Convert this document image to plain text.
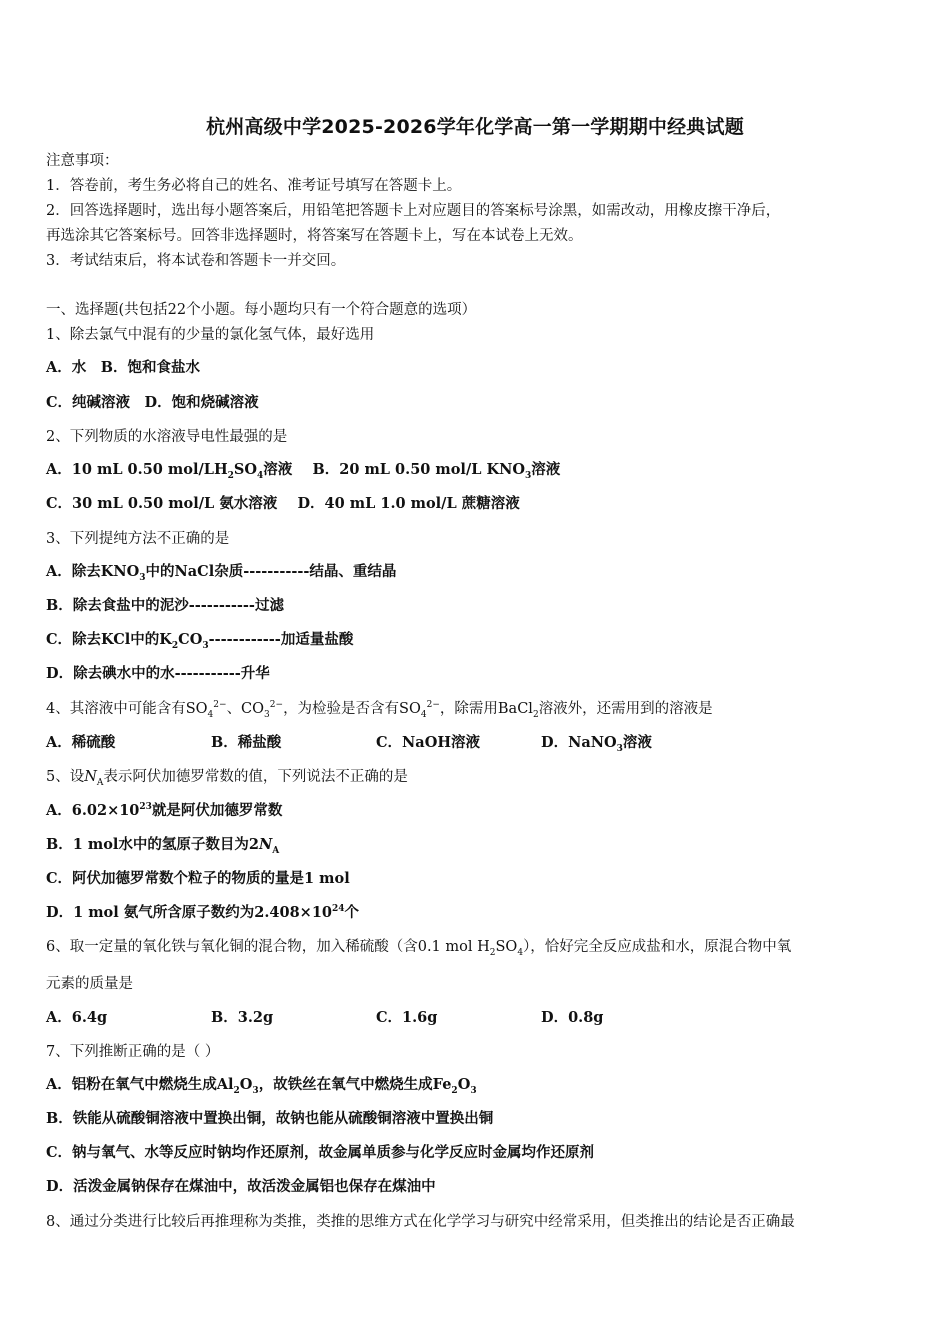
杭州高级中学2025-2026学年化学高一第一学期期中经典试题
注意事项：
1．答卷前，考生务必将自己的姓名、准考证号填写在答题卡上。
2．回答选择题时，选出每小题答案后，用铅笔把答题卡上对应题目的答案标号涂黑，如需改动，用橡皮擦干净后，
再选涂其它答案标号。回答非选择题时，将答案写在答题卡上，写在本试卷上无效。
3．考试结束后，将本试卷和答题卡一并交回。
一、选择题(共包括22个小题。每小题均只有一个符合题意的选项）
1、除去氯气中混有的少量的氯化氢气体，最好选用
A．水　B．饱和食盐水
C．纯碱溶液　D．饱和烧碱溶液
2、下列物质的水溶液导电性最强的是
A．10 mL 0.50 mol/$LH_2SO_4$溶液 B．20 mL 0.50 mol/L $KNO_3$溶液
C．30 mL 0.50 mol/L 氨水溶液 D．40 mL 1.0 mol/L 蔗糖溶液
3、下列提纯方法不正确的是
A．除去$KNO_3$中的NaCl杂质-----------结晶、重结晶
B．除去食盐中的泥沙-----------过滤
C．除去KCl中的$K_2CO_3------------$加适量盐酸
D．除去碘水中的水-----------升华
4、其溶液中可能含有$SO_4^{2-}$、$CO_3^{2-}$，为检验是否含有$SO_4^{2-}$，除需用BaCl$_2$溶液外，还需用到的溶液是
A．稀硫酸	B．稀盐酸	C．NaOH溶液	D．NaNO$_3$溶液
5、设$N_A$表示阿伏加德罗常数的值，下列说法不正确的是
A．$6.02\times 10^{23}$就是阿伏加德罗常数
B．1 mol水中的氢原子数目为$2N_A$
C．阿伏加德罗常数个粒子的物质的量是1 mol
D．1 mol 氨气所含原子数约为$2.408\times 10^{24}$个
6、取一定量的氧化铁与氧化铜的混合物，加入稀硫酸（含0.1 mol $H_2SO_4$），恰好完全反应成盐和水，原混合物中氧
元素的质量是
A．6.4g	B．3.2g	C．1.6g	D．0.8g
7、下列推断正确的是（ ）
A．铝粉在氧气中燃烧生成$Al_2O_3$，故铁丝在氧气中燃烧生成$Fe_2O_3$
B．铁能从硫酸铜溶液中置换出铜，故钠也能从硫酸铜溶液中置换出铜
C．钠与氧气、水等反应时钠均作还原剂，故金属单质参与化学反应时金属均作还原剂
D．活泼金属钠保存在煤油中，故活泼金属铝也保存在煤油中
8、通过分类进行比较后再推理称为类推，类推的思维方式在化学学习与研究中经常采用，但类推出的结论是否正确最
